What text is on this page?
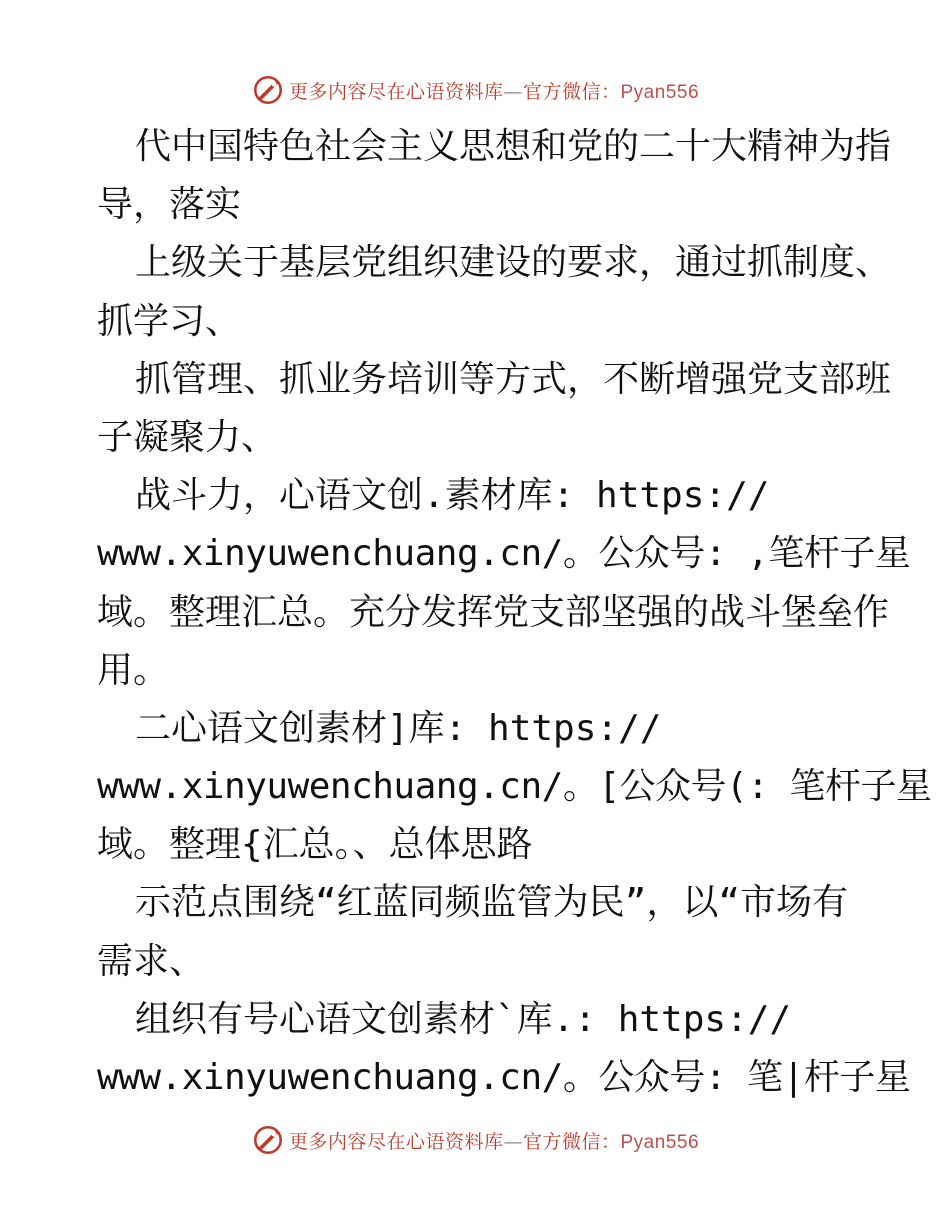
更多内容尽在心语资料库—官方微信：Pyan556
代中国特色社会主义思想和党的二十大精神为指
导，落实
上级关于基层党组织建设的要求，通过抓制度、
抓学习、
抓管理、抓业务培训等方式，不断增强党支部班
子凝聚力、
战斗力，心语文创.素材库: https://
www.xinyuwenchuang.cn/。公众号: ,笔杆子星
域。整理汇总。充分发挥党支部坚强的战斗堡垒作
用。
二心语文创素材]库: https://
www.xinyuwenchuang.cn/。[公众号(: 笔杆子星
域。整理{汇总。、总体思路
示范点围绕“红蓝同频监管为民”，以“市场有
需求、
组织有号心语文创素材`库.: https://
www.xinyuwenchuang.cn/。公众号: 笔|杆子星
更多内容尽在心语资料库—官方微信：Pyan556
